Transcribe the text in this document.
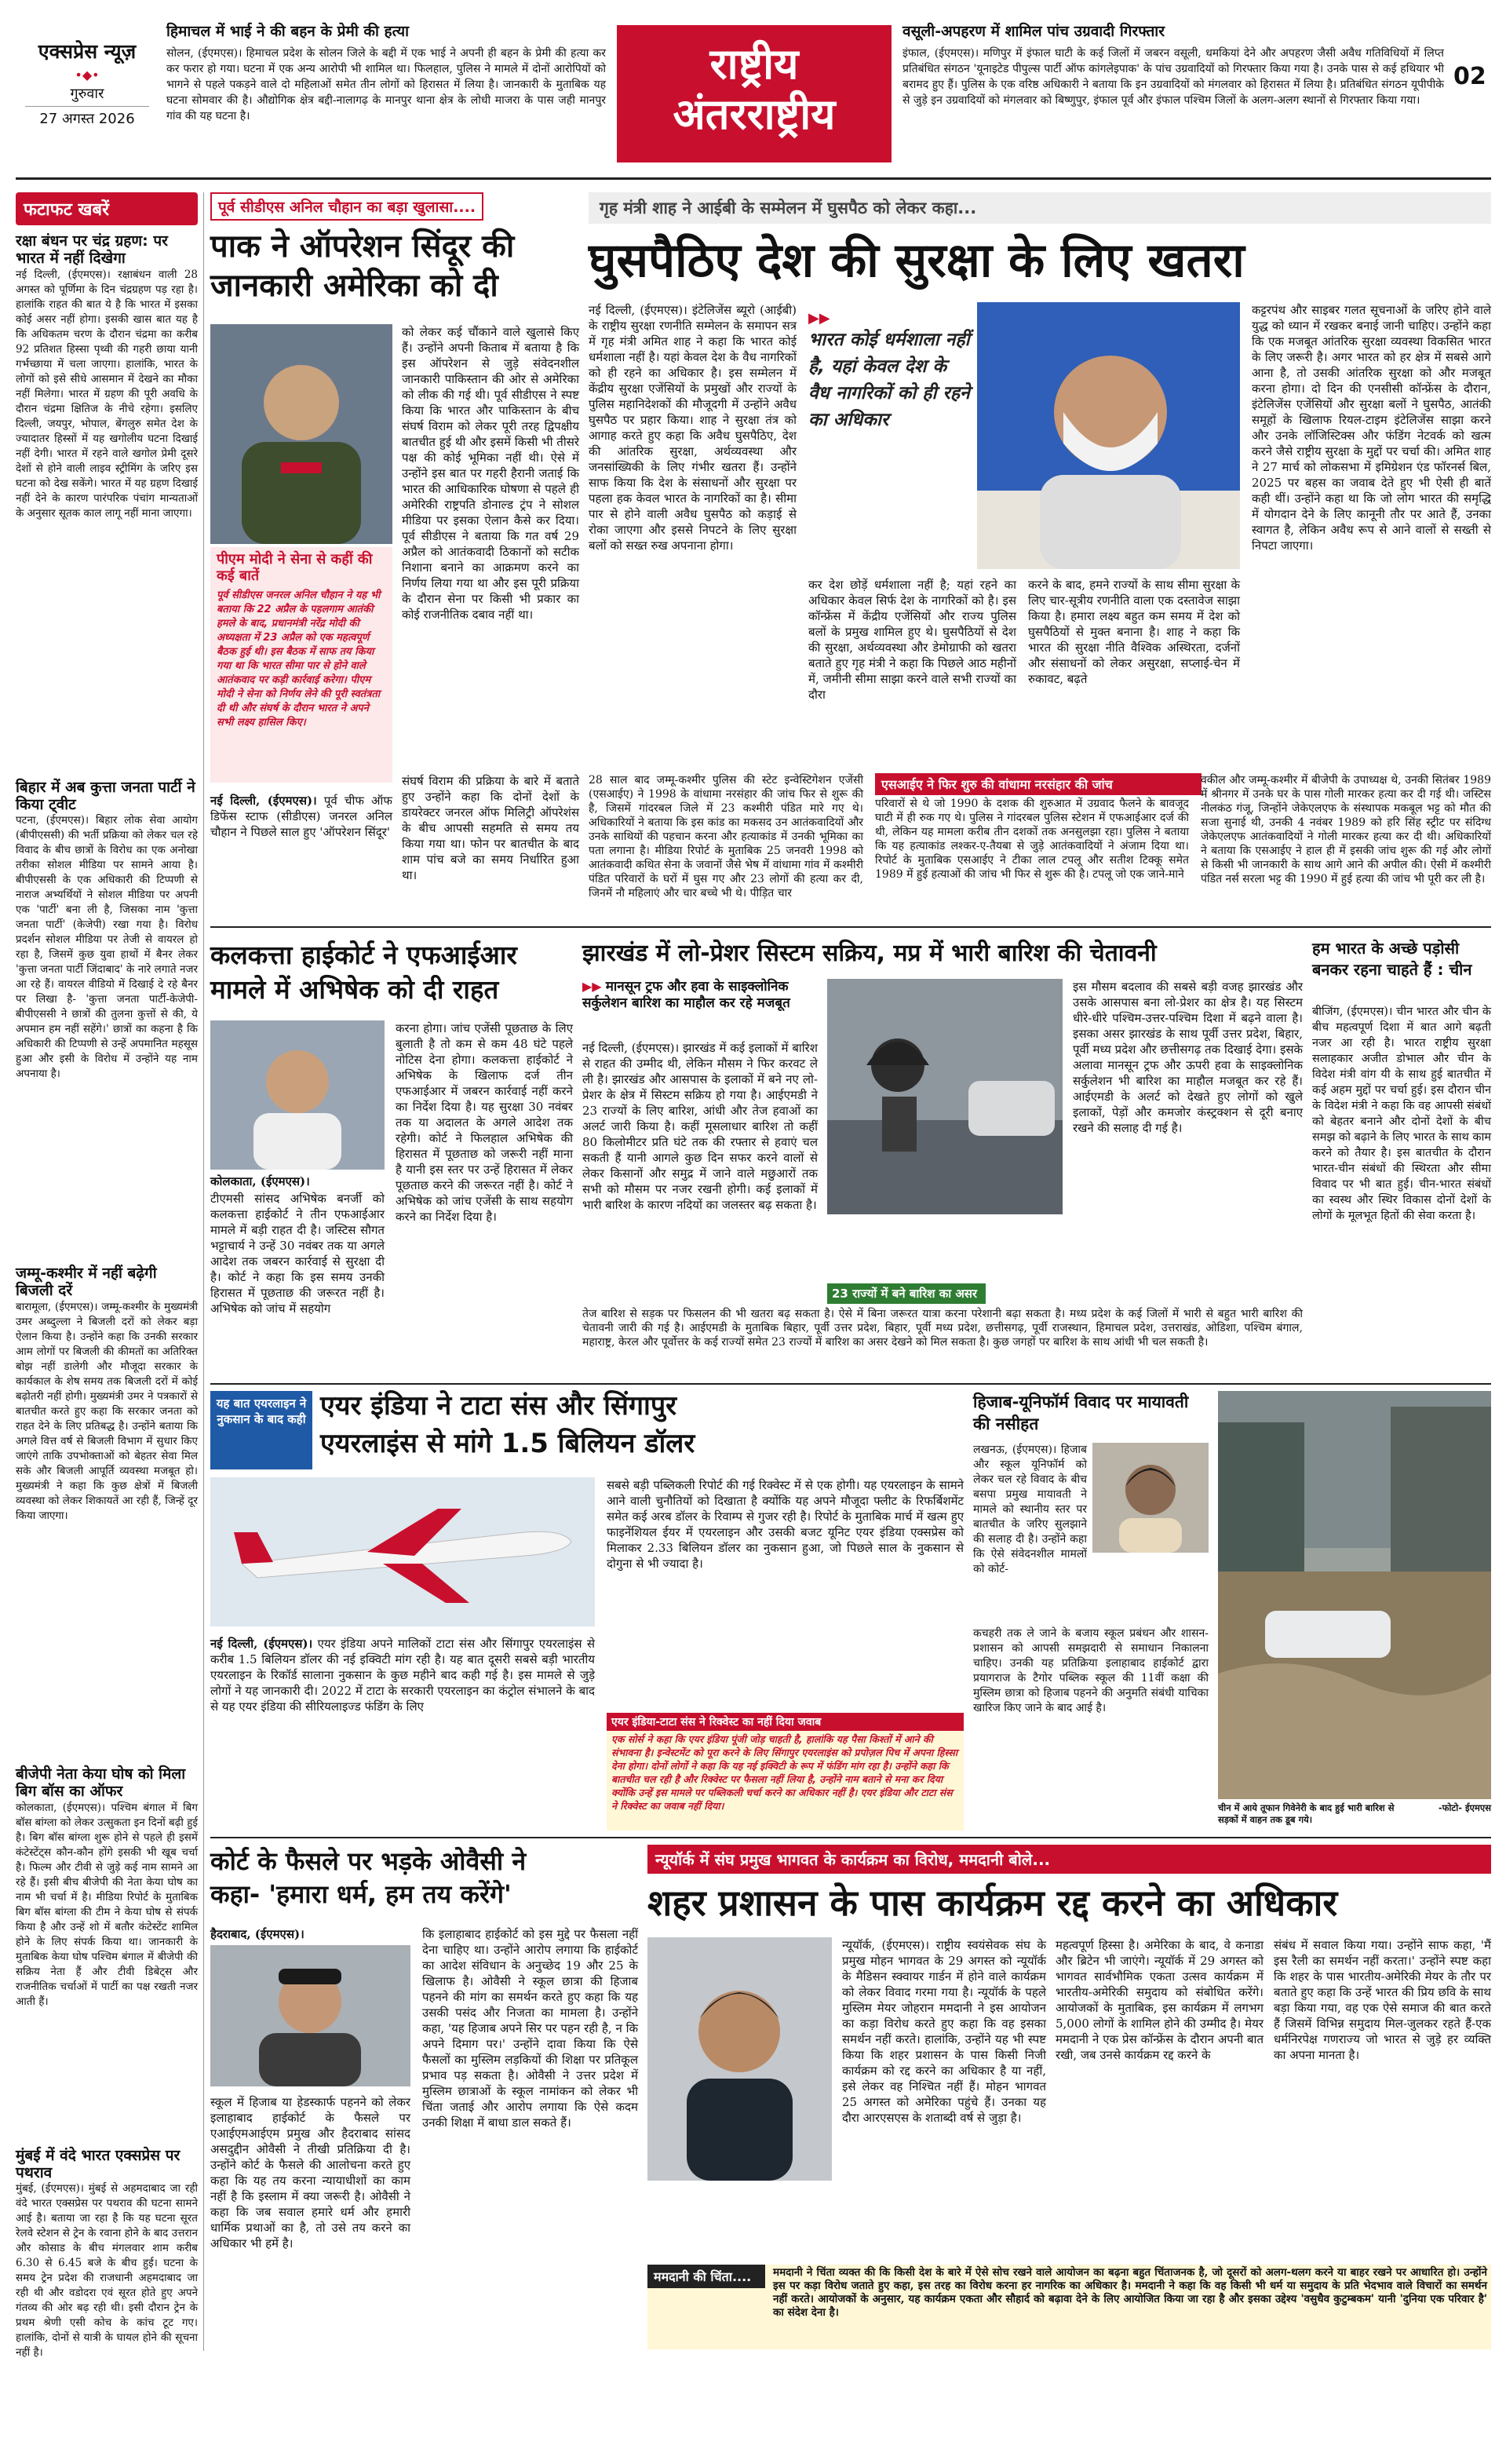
एक्सप्रेस न्यूज़
•◆•
गुरुवार
27 अगस्त 2026

हिमाचल में भाई ने की बहन के प्रेमी की हत्या

सोलन, (ईएमएस)। हिमाचल प्रदेश के सोलन जिले के बद्दी में एक भाई ने अपनी ही बहन के प्रेमी की हत्या कर कर फरार हो गया। घटना में एक अन्य आरोपी भी शामिल था। फिलहाल, पुलिस ने मामले में दोनों आरोपियों को भागने से पहले पकड़ने वाले दो महिलाओं समेत तीन लोगों को हिरासत में लिया है। जानकारी के मुताबिक यह घटना सोमवार की है। औद्योगिक क्षेत्र बद्दी-नालागढ़ के मानपुर थाना क्षेत्र के लोधी माजरा के पास जही मानपुर गांव की यह घटना है।

राष्ट्रीय
अंतरराष्ट्रीय

वसूली-अपहरण में शामिल पांच उग्रवादी गिरफ्तार

इंफाल, (ईएमएस)। मणिपुर में इंफाल घाटी के कई जिलों में जबरन वसूली, धमकियां देने और अपहरण जैसी अवैध गतिविधियों में लिप्त प्रतिबंधित संगठन 'यूनाइटेड पीपुल्स पार्टी ऑफ कांगलेइपाक' के पांच उग्रवादियों को गिरफ्तार किया गया है। उनके पास से कई हथियार भी बरामद हुए हैं। पुलिस के एक वरिष्ठ अधिकारी ने बताया कि इन उग्रवादियों को मंगलवार को हिरासत में लिया है। प्रतिबंधित संगठन यूपीपीके से जुड़े इन उग्रवादियों को मंगलवार को बिष्णुपुर, इंफाल पूर्व और इंफाल पश्चिम जिलों के अलग-अलग स्थानों से गिरफ्तार किया गया।

02
फटाफट खबरें

रक्षा बंधन पर चंद्र ग्रहण: पर भारत में नहीं दिखेगा

नई दिल्ली, (ईएमएस)। रक्षाबंधन वाली 28 अगस्त को पूर्णिमा के दिन चंद्रग्रहण पड़ रहा है। हालांकि राहत की बात ये है कि भारत में इसका कोई असर नहीं होगा। इसकी खास बात यह है कि अधिकतम चरण के दौरान चंद्रमा का करीब 92 प्रतिशत हिस्सा पृथ्वी की गहरी छाया यानी गर्भच्छाया में चला जाएगा। हालांकि, भारत के लोगों को इसे सीधे आसमान में देखने का मौका नहीं मिलेगा। भारत में ग्रहण की पूरी अवधि के दौरान चंद्रमा क्षितिज के नीचे रहेगा। इसलिए दिल्ली, जयपुर, भोपाल, बेंगलुरु समेत देश के ज्यादातर हिस्सों में यह खगोलीय घटना दिखाई नहीं देगी। भारत में रहने वाले खगोल प्रेमी दूसरे देशों से होने वाली लाइव स्ट्रीमिंग के जरिए इस घटना को देख सकेंगे। भारत में यह ग्रहण दिखाई नहीं देने के कारण पारंपरिक पंचांग मान्यताओं के अनुसार सूतक काल लागू नहीं माना जाएगा।

बिहार में अब कुत्ता जनता पार्टी ने किया ट्वीट

पटना, (ईएमएस)। बिहार लोक सेवा आयोग (बीपीएससी) की भर्ती प्रक्रिया को लेकर चल रहे विवाद के बीच छात्रों के विरोध का एक अनोखा तरीका सोशल मीडिया पर सामने आया है। बीपीएससी के एक अधिकारी की टिप्पणी से नाराज अभ्यर्थियों ने सोशल मीडिया पर अपनी एक 'पार्टी' बना ली है, जिसका नाम 'कुत्ता जनता पार्टी' (केजेपी) रखा गया है। विरोध प्रदर्शन सोशल मीडिया पर तेजी से वायरल हो रहा है, जिसमें कुछ युवा हाथों में बैनर लेकर 'कुत्ता जनता पार्टी जिंदाबाद' के नारे लगाते नजर आ रहे हैं। वायरल वीडियो में दिखाई दे रहे बैनर पर लिखा है- 'कुत्ता जनता पार्टी-केजेपी- बीपीएससी ने छात्रों की तुलना कुत्तों से की, ये अपमान हम नहीं सहेंगे।' छात्रों का कहना है कि अधिकारी की टिप्पणी से उन्हें अपमानित महसूस हुआ और इसी के विरोध में उन्होंने यह नाम अपनाया है।

जम्मू-कश्मीर में नहीं बढ़ेगी बिजली दरें

बारामूला, (ईएमएस)। जम्मू-कश्मीर के मुख्यमंत्री उमर अब्दुल्ला ने बिजली दरों को लेकर बड़ा ऐलान किया है। उन्होंने कहा कि उनकी सरकार आम लोगों पर बिजली की कीमतों का अतिरिक्त बोझ नहीं डालेगी और मौजूदा सरकार के कार्यकाल के शेष समय तक बिजली दरों में कोई बढ़ोतरी नहीं होगी। मुख्यमंत्री उमर ने पत्रकारों से बातचीत करते हुए कहा कि सरकार जनता को राहत देने के लिए प्रतिबद्ध है। उन्होंने बताया कि अगले वित्त वर्ष से बिजली विभाग में सुधार किए जाएंगे ताकि उपभोक्ताओं को बेहतर सेवा मिल सके और बिजली आपूर्ति व्यवस्था मजबूत हो। मुख्यमंत्री ने कहा कि कुछ क्षेत्रों में बिजली व्यवस्था को लेकर शिकायतें आ रही हैं, जिन्हें दूर किया जाएगा।

बीजेपी नेता केया घोष को मिला बिग बॉस का ऑफर

कोलकाता, (ईएमएस)। पश्चिम बंगाल में बिग बॉस बांग्ला को लेकर उत्सुकता इन दिनों बढ़ी हुई है। बिग बॉस बांग्ला शुरू होने से पहले ही इसमें कंटेस्टेंट्स कौन-कौन होंगे इसकी भी खूब चर्चा है। फिल्म और टीवी से जुड़े कई नाम सामने आ रहे हैं। इसी बीच बीजेपी की नेता केया घोष का नाम भी चर्चा में है। मीडिया रिपोर्ट के मुताबिक बिग बॉस बांग्ला की टीम ने केया घोष से संपर्क किया है और उन्हें शो में बतौर कंटेस्टेंट शामिल होने के लिए संपर्क किया था। जानकारी के मुताबिक केया घोष पश्चिम बंगाल में बीजेपी की सक्रिय नेता हैं और टीवी डिबेट्स और राजनीतिक चर्चाओं में पार्टी का पक्ष रखती नजर आती हैं।

मुंबई में वंदे भारत एक्सप्रेस पर पथराव

मुंबई, (ईएमएस)। मुंबई से अहमदाबाद जा रही वंदे भारत एक्सप्रेस पर पथराव की घटना सामने आई है। बताया जा रहा है कि यह घटना सूरत रेलवे स्टेशन से ट्रेन के रवाना होने के बाद उत्तरान और कोसाड के बीच मंगलवार शाम करीब 6.30 से 6.45 बजे के बीच हुई। घटना के समय ट्रेन प्रदेश की राजधानी अहमदाबाद जा रही थी और वडोदरा एवं सूरत होते हुए अपने गंतव्य की ओर बढ़ रही थी। इसी दौरान ट्रेन के प्रथम श्रेणी एसी कोच के कांच टूट गए। हालांकि, दोनों से यात्री के घायल होने की सूचना नहीं है।

पूर्व सीडीएस अनिल चौहान का बड़ा खुलासा....

पाक ने ऑपरेशन सिंदूर की जानकारी अमेरिका को दी

पीएम मोदी ने सेना से कहीं की कई बातें

पूर्व सीडीएस जनरल अनिल चौहान ने यह भी बताया कि 22 अप्रैल के पहलगाम आतंकी हमले के बाद, प्रधानमंत्री नरेंद्र मोदी की अध्यक्षता में 23 अप्रैल को एक महत्वपूर्ण बैठक हुई थी। इस बैठक में साफ तय किया गया था कि भारत सीमा पार से होने वाले आतंकवाद पर कड़ी कार्रवाई करेगा। पीएम मोदी ने सेना को निर्णय लेने की पूरी स्वतंत्रता दी थी और संघर्ष के दौरान भारत ने अपने सभी लक्ष्य हासिल किए।

नई दिल्ली, (ईएमएस)। पूर्व चीफ ऑफ डिफेंस स्टाफ (सीडीएस) जनरल अनिल चौहान ने पिछले साल हुए 'ऑपरेशन सिंदूर'

को लेकर कई चौंकाने वाले खुलासे किए हैं। उन्होंने अपनी किताब में बताया है कि इस ऑपरेशन से जुड़े संवेदनशील जानकारी पाकिस्तान की ओर से अमेरिका को लीक की गई थी। पूर्व सीडीएस ने स्पष्ट किया कि भारत और पाकिस्तान के बीच संघर्ष विराम को लेकर पूरी तरह द्विपक्षीय बातचीत हुई थी और इसमें किसी भी तीसरे पक्ष की कोई भूमिका नहीं थी। ऐसे में उन्होंने इस बात पर गहरी हैरानी जताई कि भारत की आधिकारिक घोषणा से पहले ही अमेरिकी राष्ट्रपति डोनाल्ड ट्रंप ने सोशल मीडिया पर इसका ऐलान कैसे कर दिया। पूर्व सीडीएस ने बताया कि गत वर्ष 29 अप्रैल को आतंकवादी ठिकानों को सटीक निशाना बनाने का आक्रमण करने का निर्णय लिया गया था और इस पूरी प्रक्रिया के दौरान सेना पर किसी भी प्रकार का कोई राजनीतिक दबाव नहीं था।

संघर्ष विराम की प्रक्रिया के बारे में बताते हुए उन्होंने कहा कि दोनों देशों के डायरेक्टर जनरल ऑफ मिलिट्री ऑपरेशंस के बीच आपसी सहमति से समय तय किया गया था। फोन पर बातचीत के बाद शाम पांच बजे का समय निर्धारित हुआ था।

गृह मंत्री शाह ने आईबी के सम्मेलन में घुसपैठ को लेकर कहा...

घुसपैठिए देश की सुरक्षा के लिए खतरा

नई दिल्ली, (ईएमएस)। इंटेलिजेंस ब्यूरो (आईबी) के राष्ट्रीय सुरक्षा रणनीति सम्मेलन के समापन सत्र में गृह मंत्री अमित शाह ने कहा कि भारत कोई धर्मशाला नहीं है। यहां केवल देश के वैध नागरिकों को ही रहने का अधिकार है। इस सम्मेलन में केंद्रीय सुरक्षा एजेंसियों के प्रमुखों और राज्यों के पुलिस महानिदेशकों की मौजूदगी में उन्होंने अवैध घुसपैठ पर प्रहार किया। शाह ने सुरक्षा तंत्र को आगाह करते हुए कहा कि अवैध घुसपैठिए, देश की आंतरिक सुरक्षा, अर्थव्यवस्था और जनसांख्यिकी के लिए गंभीर खतरा हैं। उन्होंने साफ किया कि देश के संसाधनों और सुरक्षा पर पहला हक केवल भारत के नागरिकों का है। सीमा पार से होने वाली अवैध घुसपैठ को कड़ाई से रोका जाएगा और इससे निपटने के लिए सुरक्षा बलों को सख्त रुख अपनाना होगा।

▶▶
भारत कोई धर्मशाला नहीं है, यहां केवल देश के वैध नागरिकों को ही रहने का अधिकार

कर देश छोड़ें धर्मशाला नहीं है; यहां रहने का अधिकार केवल सिर्फ देश के नागरिकों को है। इस कॉन्फ्रेंस में केंद्रीय एजेंसियों और राज्य पुलिस बलों के प्रमुख शामिल हुए थे। घुसपैठियों से देश की सुरक्षा, अर्थव्यवस्था और डेमोग्राफी को खतरा बताते हुए गृह मंत्री ने कहा कि पिछले आठ महीनों में, जमीनी सीमा साझा करने वाले सभी राज्यों का दौरा

करने के बाद, हमने राज्यों के साथ सीमा सुरक्षा के लिए चार-सूत्रीय रणनीति वाला एक दस्तावेज साझा किया है। हमारा लक्ष्य बहुत कम समय में देश को घुसपैठियों से मुक्त बनाना है। शाह ने कहा कि भारत की सुरक्षा नीति वैश्विक अस्थिरता, दर्जनों और संसाधनों को लेकर असुरक्षा, सप्लाई-चेन में रुकावट, बढ़ते

कट्टरपंथ और साइबर गलत सूचनाओं के जरिए होने वाले युद्ध को ध्यान में रखकर बनाई जानी चाहिए। उन्होंने कहा कि एक मजबूत आंतरिक सुरक्षा व्यवस्था विकसित भारत के लिए जरूरी है। अगर भारत को हर क्षेत्र में सबसे आगे आना है, तो उसकी आंतरिक सुरक्षा को और मजबूत करना होगा। दो दिन की एनसीसी कॉन्फ्रेंस के दौरान, इंटेलिजेंस एजेंसियों और सुरक्षा बलों ने घुसपैठ, आतंकी समूहों के खिलाफ रियल-टाइम इंटेलिजेंस साझा करने और उनके लॉजिस्टिक्स और फंडिंग नेटवर्क को खत्म करने जैसे राष्ट्रीय सुरक्षा के मुद्दों पर चर्चा की। अमित शाह ने 27 मार्च को लोकसभा में इमिग्रेशन एंड फॉरनर्स बिल, 2025 पर बहस का जवाब देते हुए भी ऐसी ही बातें कही थीं। उन्होंने कहा था कि जो लोग भारत की समृद्धि में योगदान देने के लिए कानूनी तौर पर आते हैं, उनका स्वागत है, लेकिन अवैध रूप से आने वालों से सख्ती से निपटा जाएगा।

28 साल बाद जम्मू-कश्मीर पुलिस की स्टेट इन्वेस्टिगेशन एजेंसी (एसआईए) ने 1998 के वांधामा नरसंहार की जांच फिर से शुरू की है, जिसमें गांदरबल जिले में 23 कश्मीरी पंडित मारे गए थे। अधिकारियों ने बताया कि इस कांड का मकसद उन आतंकवादियों और उनके साथियों की पहचान करना और हत्याकांड में उनकी भूमिका का पता लगाना है। मीडिया रिपोर्ट के मुताबिक 25 जनवरी 1998 को आतंकवादी कथित सेना के जवानों जैसे भेष में वांधामा गांव में कश्मीरी पंडित परिवारों के घरों में घुस गए और 23 लोगों की हत्या कर दी, जिनमें नौ महिलाएं और चार बच्चे भी थे। पीड़ित चार

एसआईए ने फिर शुरु की वांधामा नरसंहार की जांच

परिवारों से थे जो 1990 के दशक की शुरुआत में उग्रवाद फैलने के बावजूद घाटी में ही रुक गए थे। पुलिस ने गांदरबल पुलिस स्टेशन में एफआईआर दर्ज की थी, लेकिन यह मामला करीब तीन दशकों तक अनसुलझा रहा। पुलिस ने बताया कि यह हत्याकांड लश्कर-ए-तैयबा से जुड़े आतंकवादियों ने अंजाम दिया था। रिपोर्ट के मुताबिक एसआईए ने टीका लाल टपलू और सतीश टिक्कू समेत 1989 में हुई हत्याओं की जांच भी फिर से शुरू की है। टपलू जो एक जाने-माने

वकील और जम्मू-कश्मीर में बीजेपी के उपाध्यक्ष थे, उनकी सितंबर 1989 में श्रीनगर में उनके घर के पास गोली मारकर हत्या कर दी गई थी। जस्टिस नीलकंठ गंजू, जिन्होंने जेकेएलएफ के संस्थापक मकबूल भट्ट को मौत की सजा सुनाई थी, उनकी 4 नवंबर 1989 को हरि सिंह स्ट्रीट पर संदिग्ध जेकेएलएफ आतंकवादियों ने गोली मारकर हत्या कर दी थी। अधिकारियों ने बताया कि एसआईए ने हाल ही में इसकी जांच शुरू की गई और लोगों से किसी भी जानकारी के साथ आगे आने की अपील की। ऐसी में कश्मीरी पंडित नर्स सरला भट्ट की 1990 में हुई हत्या की जांच भी पूरी कर ली है।

कलकत्ता हाईकोर्ट ने एफआईआर मामले में अभिषेक को दी राहत

कोलकाता, (ईएमएस)।

टीएमसी सांसद अभिषेक बनर्जी को कलकत्ता हाईकोर्ट ने तीन एफआईआर मामले में बड़ी राहत दी है। जस्टिस सौगत भट्टाचार्य ने उन्हें 30 नवंबर तक या अगले आदेश तक जबरन कार्रवाई से सुरक्षा दी है। कोर्ट ने कहा कि इस समय उनकी हिरासत में पूछताछ की जरूरत नहीं है। अभिषेक को जांच में सहयोग

करना होगा। जांच एजेंसी पूछताछ के लिए बुलाती है तो कम से कम 48 घंटे पहले नोटिस देना होगा। कलकत्ता हाईकोर्ट ने अभिषेक के खिलाफ दर्ज तीन एफआईआर में जबरन कार्रवाई नहीं करने का निर्देश दिया है। यह सुरक्षा 30 नवंबर तक या अदालत के अगले आदेश तक रहेगी। कोर्ट ने फिलहाल अभिषेक की हिरासत में पूछताछ को जरूरी नहीं माना है यानी इस स्तर पर उन्हें हिरासत में लेकर पूछताछ करने की जरूरत नहीं है। कोर्ट ने अभिषेक को जांच एजेंसी के साथ सहयोग करने का निर्देश दिया है।

झारखंड में लो-प्रेशर सिस्टम सक्रिय, मप्र में भारी बारिश की चेतावनी

▶▶ मानसून ट्रफ और हवा के साइक्लोनिक सर्कुलेशन बारिश का माहौल कर रहे मजबूत

नई दिल्ली, (ईएमएस)। झारखंड में कई इलाकों में बारिश से राहत की उम्मीद थी, लेकिन मौसम ने फिर करवट ले ली है। झारखंड और आसपास के इलाकों में बने नए लो-प्रेशर के क्षेत्र में सिस्टम सक्रिय हो गया है। आईएमडी ने 23 राज्यों के लिए बारिश, आंधी और तेज हवाओं का अलर्ट जारी किया है। कहीं मूसलाधार बारिश तो कहीं 80 किलोमीटर प्रति घंटे तक की रफ्तार से हवाएं चल सकती हैं यानी आगले कुछ दिन सफर करने वालों से लेकर किसानों और समुद्र में जाने वाले मछुआरों तक सभी को मौसम पर नजर रखनी होगी। कई इलाकों में भारी बारिश के कारण नदियों का जलस्तर बढ़ सकता है।

इस मौसम बदलाव की सबसे बड़ी वजह झारखंड और उसके आसपास बना लो-प्रेशर का क्षेत्र है। यह सिस्टम धीरे-धीरे पश्चिम-उत्तर-पश्चिम दिशा में बढ़ने वाला है। इसका असर झारखंड के साथ पूर्वी उत्तर प्रदेश, बिहार, पूर्वी मध्य प्रदेश और छत्तीसगढ़ तक दिखाई देगा। इसके अलावा मानसून ट्रफ और ऊपरी हवा के साइक्लोनिक सर्कुलेशन भी बारिश का माहौल मजबूत कर रहे हैं। आईएमडी के अलर्ट को देखते हुए लोगों को खुले इलाकों, पेड़ों और कमजोर कंस्ट्रक्शन से दूरी बनाए रखने की सलाह दी गई है।

23 राज्यों में बने बारिश का असर

तेज बारिश से सड़क पर फिसलन की भी खतरा बढ़ सकता है। ऐसे में बिना जरूरत यात्रा करना परेशानी बढ़ा सकता है। मध्य प्रदेश के कई जिलों में भारी से बहुत भारी बारिश की चेतावनी जारी की गई है। आईएमडी के मुताबिक बिहार, पूर्वी उत्तर प्रदेश, बिहार, पूर्वी मध्य प्रदेश, छत्तीसगढ़, पूर्वी राजस्थान, हिमाचल प्रदेश, उत्तराखंड, ओडिशा, पश्चिम बंगाल, महाराष्ट्र, केरल और पूर्वोत्तर के कई राज्यों समेत 23 राज्यों में बारिश का असर देखने को मिल सकता है। कुछ जगहों पर बारिश के साथ आंधी भी चल सकती है।

हम भारत के अच्छे पड़ोसी बनकर रहना चाहते हैं : चीन

बीजिंग, (ईएमएस)। चीन भारत और चीन के बीच महत्वपूर्ण दिशा में बात आगे बढ़ती नजर आ रही है। भारत राष्ट्रीय सुरक्षा सलाहकार अजीत डोभाल और चीन के विदेश मंत्री वांग यी के साथ हुई बातचीत में कई अहम मुद्दों पर चर्चा हुई। इस दौरान चीन के विदेश मंत्री ने कहा कि वह आपसी संबंधों को बेहतर बनाने और दोनों देशों के बीच समझ को बढ़ाने के लिए भारत के साथ काम करने को तैयार है। इस बातचीत के दौरान भारत-चीन संबंधों की स्थिरता और सीमा विवाद पर भी बात हुई। चीन-भारत संबंधों का स्वस्थ और स्थिर विकास दोनों देशों के लोगों के मूलभूत हितों की सेवा करता है।

यह बात एयरलाइन ने नुकसान के बाद कही एयर इंडिया ने टाटा संस और सिंगापुर

एयरलाइंस से मांगे 1.5 बिलियन डॉलर

नई दिल्ली, (ईएमएस)। एयर इंडिया अपने मालिकों टाटा संस और सिंगापुर एयरलाइंस से करीब 1.5 बिलियन डॉलर की नई इक्विटी मांग रही है। यह बात दूसरी सबसे बड़ी भारतीय एयरलाइन के रिकॉर्ड सालाना नुकसान के कुछ महीने बाद कही गई है। इस मामले से जुड़े लोगों ने यह जानकारी दी। 2022 में टाटा के सरकारी एयरलाइन का कंट्रोल संभालने के बाद से यह एयर इंडिया की सीरियलाइज्ड फंडिंग के लिए

सबसे बड़ी पब्लिकली रिपोर्ट की गई रिक्वेस्ट में से एक होगी। यह एयरलाइन के सामने आने वाली चुनौतियों को दिखाता है क्योंकि यह अपने मौजूदा फ्लीट के रिफर्बिशमेंट समेत कई अरब डॉलर के रिवाम्प से गुजर रही है। रिपोर्ट के मुताबिक मार्च में खत्म हुए फाइनेंशियल ईयर में एयरलाइन और उसकी बजट यूनिट एयर इंडिया एक्सप्रेस को मिलाकर 2.33 बिलियन डॉलर का नुकसान हुआ, जो पिछले साल के नुकसान से दोगुना से भी ज्यादा है।

एयर इंडिया-टाटा संस ने रिक्वेस्ट का नहीं दिया जवाब

एक सोर्स ने कहा कि एयर इंडिया पूंजी जोड़ चाहती है, हालांकि यह पैसा किश्तों में आने की संभावना है। इन्वेस्टमेंट को पूरा करने के लिए सिंगापुर एयरलाइंस को प्रपोज़ल पिच में अपना हिस्सा देना होगा। दोनों लोगों ने कहा कि यह नई इक्विटी के रूप में फंडिंग मांग रहा है। उन्होंने कहा कि बातचीत चल रही है और रिक्वेस्ट पर फैसला नहीं लिया है, उन्होंने नाम बताने से मना कर दिया क्योंकि उन्हें इस मामले पर पब्लिकली चर्चा करने का अधिकार नहीं है। एयर इंडिया और टाटा संस ने रिक्वेस्ट का जवाब नहीं दिया।

हिजाब-यूनिफॉर्म विवाद पर मायावती की नसीहत

लखनऊ, (ईएमएस)। हिजाब और स्कूल यूनिफॉर्म को लेकर चल रहे विवाद के बीच बसपा प्रमुख मायावती ने मामले को स्थानीय स्तर पर बातचीत के जरिए सुलझाने की सलाह दी है। उन्होंने कहा कि ऐसे संवेदनशील मामलों को कोर्ट-

कचहरी तक ले जाने के बजाय स्कूल प्रबंधन और शासन-प्रशासन को आपसी समझदारी से समाधान निकालना चाहिए। उनकी यह प्रतिक्रिया इलाहाबाद हाईकोर्ट द्वारा प्रयागराज के टैगोर पब्लिक स्कूल की 11वीं कक्षा की मुस्लिम छात्रा को हिजाब पहनने की अनुमति संबंधी याचिका खारिज किए जाने के बाद आई है।

चीन में आये तूफान गिवेनेरी के बाद हुई भारी बारिश से सड़कों में वाहन तक डूब गये।
-फोटो- ईएमएस

कोर्ट के फैसले पर भड़के ओवैसी ने

कहा- 'हमारा धर्म, हम तय करेंगे'

हैदराबाद, (ईएमएस)।

स्कूल में हिजाब या हेडस्कार्फ पहनने को लेकर इलाहाबाद हाईकोर्ट के फैसले पर एआईएमआईएम प्रमुख और हैदराबाद सांसद असदुद्दीन ओवैसी ने तीखी प्रतिक्रिया दी है। उन्होंने कोर्ट के फैसले की आलोचना करते हुए कहा कि यह तय करना न्यायाधीशों का काम नहीं है कि इस्लाम में क्या जरूरी है। ओवैसी ने कहा कि जब सवाल हमारे धर्म और हमारी धार्मिक प्रथाओं का है, तो उसे तय करने का अधिकार भी हमें है।

कि इलाहाबाद हाईकोर्ट को इस मुद्दे पर फैसला नहीं देना चाहिए था। उन्होंने आरोप लगाया कि हाईकोर्ट का आदेश संविधान के अनुच्छेद 19 और 25 के खिलाफ है। ओवैसी ने स्कूल छात्रा की हिजाब पहनने की मांग का समर्थन करते हुए कहा कि यह उसकी पसंद और निजता का मामला है। उन्होंने कहा, 'यह हिजाब अपने सिर पर पहन रही है, न कि अपने दिमाग पर।' उन्होंने दावा किया कि ऐसे फैसलों का मुस्लिम लड़कियों की शिक्षा पर प्रतिकूल प्रभाव पड़ सकता है। ओवैसी ने उत्तर प्रदेश में मुस्लिम छात्राओं के स्कूल नामांकन को लेकर भी चिंता जताई और आरोप लगाया कि ऐसे कदम उनकी शिक्षा में बाधा डाल सकते हैं।

न्यूयॉर्क में संघ प्रमुख भागवत के कार्यक्रम का विरोध, ममदानी बोले...

शहर प्रशासन के पास कार्यक्रम रद्द करने का अधिकार

न्यूयॉर्क, (ईएमएस)। राष्ट्रीय स्वयंसेवक संघ के प्रमुख मोहन भागवत के 29 अगस्त को न्यूयॉर्क के मैडिसन स्क्वायर गार्डन में होने वाले कार्यक्रम को लेकर विवाद गरमा गया है। न्यूयॉर्क के पहले मुस्लिम मेयर जोहरान ममदानी ने इस आयोजन का कड़ा विरोध करते हुए कहा कि वह इसका समर्थन नहीं करते। हालांकि, उन्होंने यह भी स्पष्ट किया कि शहर प्रशासन के पास किसी निजी कार्यक्रम को रद्द करने का अधिकार है या नहीं, इसे लेकर वह निश्चित नहीं हैं। मोहन भागवत 25 अगस्त को अमेरिका पहुंचे हैं। उनका यह दौरा आरएसएस के शताब्दी वर्ष से जुड़ा है।

महत्वपूर्ण हिस्सा है। अमेरिका के बाद, वे कनाडा और ब्रिटेन भी जाएंगे। न्यूयॉर्क में 29 अगस्त को भागवत सार्वभौमिक एकता उत्सव कार्यक्रम में भारतीय-अमेरिकी समुदाय को संबोधित करेंगे। आयोजकों के मुताबिक, इस कार्यक्रम में लगभग 5,000 लोगों के शामिल होने की उम्मीद है। मेयर ममदानी ने एक प्रेस कॉन्फ्रेंस के दौरान अपनी बात रखी, जब उनसे कार्यक्रम रद्द करने के

संबंध में सवाल किया गया। उन्होंने साफ कहा, 'मैं इस रैली का समर्थन नहीं करता।' उन्होंने स्पष्ट कहा कि शहर के पास भारतीय-अमेरिकी मेयर के तौर पर बताते हुए कहा कि उन्हें भारत की प्रिय छवि के साथ बड़ा किया गया, वह एक ऐसे समाज की बात करते हैं जिसमें विभिन्न समुदाय मिल-जुलकर रहते हैं-एक धर्मनिरपेक्ष गणराज्य जो भारत से जुड़े हर व्यक्ति का अपना मानता है।

ममदानी की चिंता....	ममदानी ने चिंता व्यक्त की कि किसी देश के बारे में ऐसे सोच रखने वाले आयोजन का बढ़ना बहुत चिंताजनक है, जो दूसरों को अलग-थलग करने या बाहर रखने पर आधारित हो। उन्होंने इस पर कड़ा विरोध जताते हुए कहा, इस तरह का विरोध करना हर नागरिक का अधिकार है। ममदानी ने कहा कि वह किसी भी धर्म या समुदाय के प्रति भेदभाव वाले विचारों का समर्थन नहीं करते। आयोजकों के अनुसार, यह कार्यक्रम एकता और सौहार्द को बढ़ावा देने के लिए आयोजित किया जा रहा है और इसका उद्देश्य 'वसुधैव कुटुम्बकम' यानी 'दुनिया एक परिवार है' का संदेश देना है।
